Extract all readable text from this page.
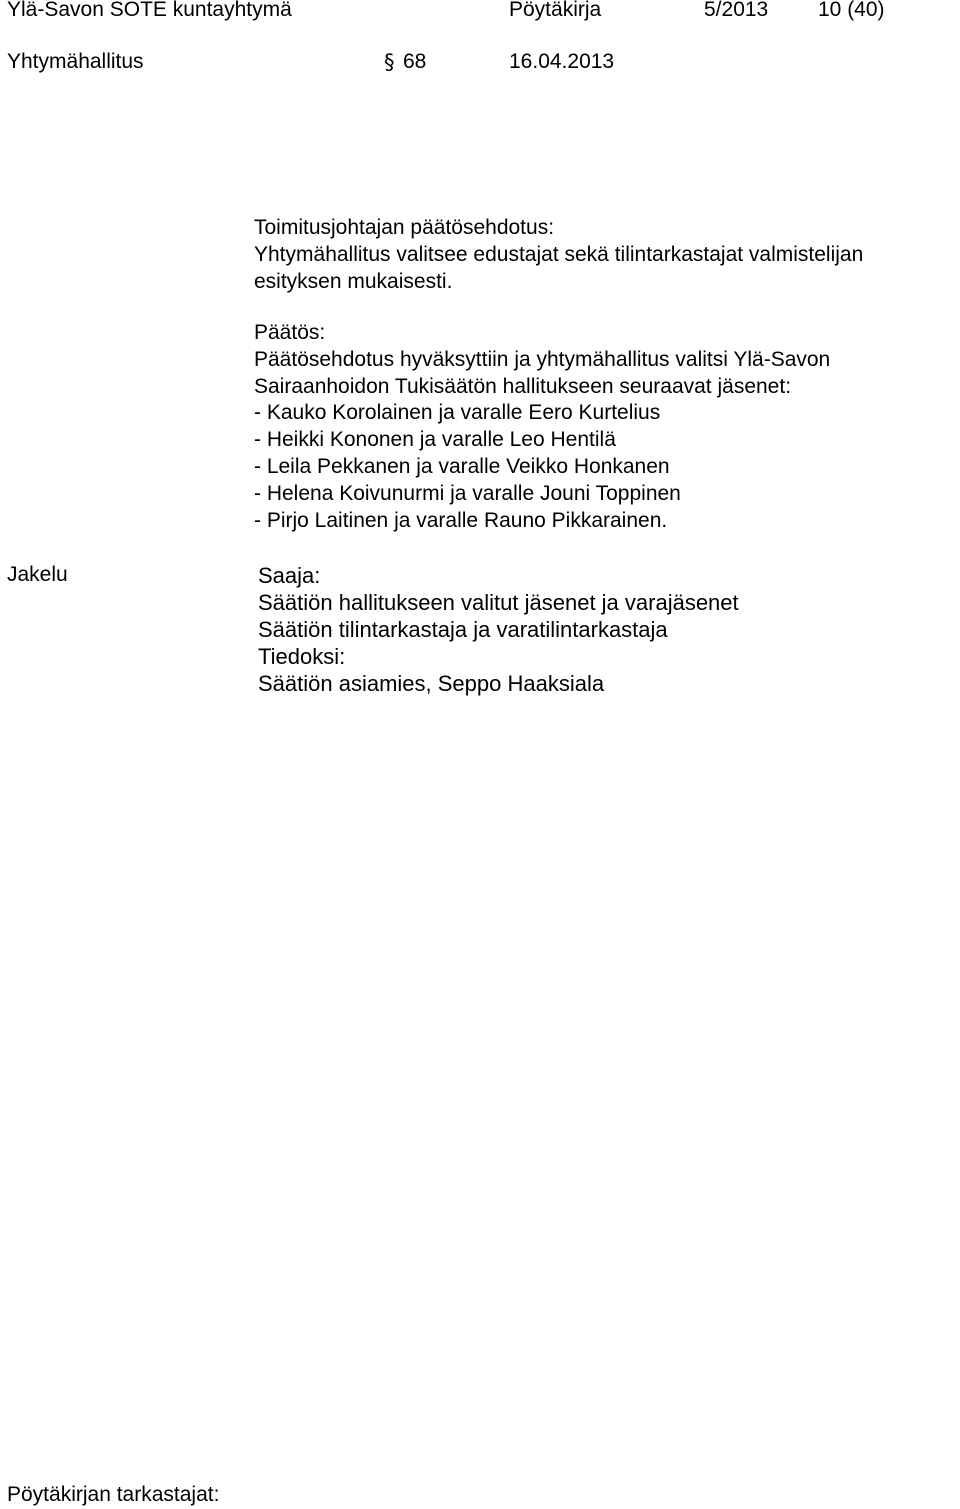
Ylä-Savon SOTE kuntayhtymä	Pöytäkirja	5/2013 10 (40)
Yhtymähallitus	§ 68	16.04.2013
Toimitusjohtajan päätösehdotus:
Yhtymähallitus valitsee edustajat sekä tilintarkastajat valmistelijan
esityksen mukaisesti.
Päätös:
Päätösehdotus hyväksyttiin ja yhtymähallitus valitsi Ylä-Savon
Sairaanhoidon Tukisäätön hallitukseen seuraavat jäsenet:
- Kauko Korolainen ja varalle Eero Kurtelius
- Heikki Kononen ja varalle Leo Hentilä
- Leila Pekkanen ja varalle Veikko Honkanen
- Helena Koivunurmi ja varalle Jouni Toppinen
- Pirjo Laitinen ja varalle Rauno Pikkarainen.
Jakelu	Saaja:
Säätiön hallitukseen valitut jäsenet ja varajäsenet
Säätiön tilintarkastaja ja varatilintarkastaja
Tiedoksi:
Säätiön asiamies, Seppo Haaksiala
Pöytäkirjan tarkastajat:
